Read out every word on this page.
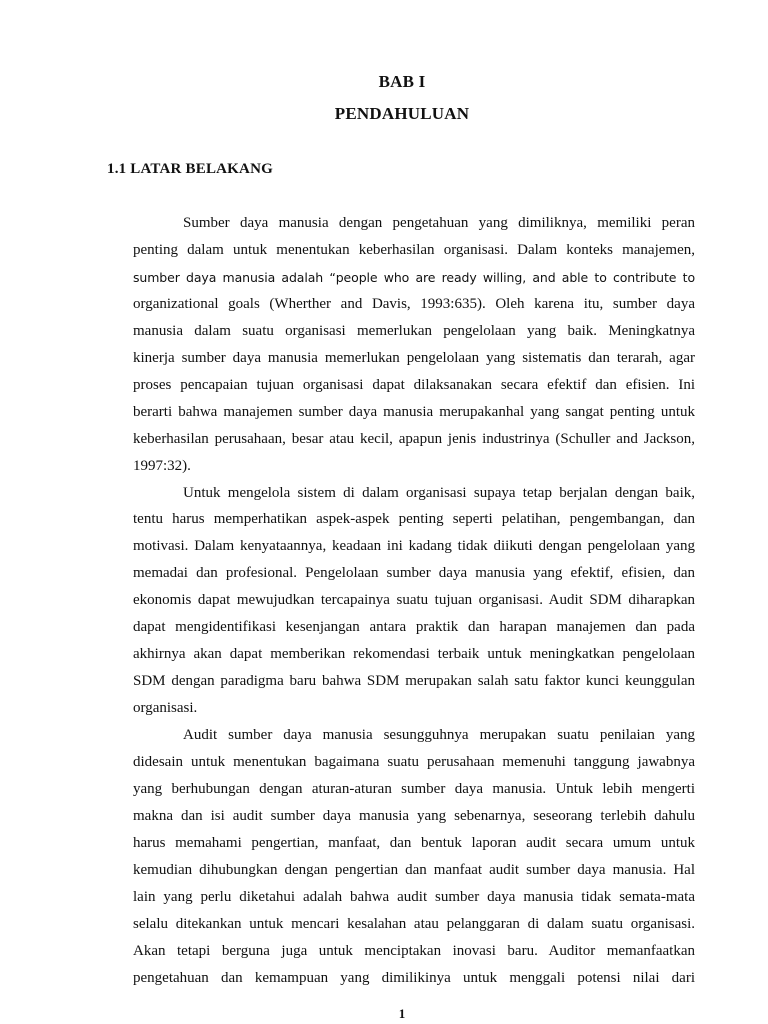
BAB I
PENDAHULUAN
1.1 LATAR BELAKANG
Sumber daya manusia dengan pengetahuan yang dimiliknya, memiliki peran
penting dalam untuk menentukan keberhasilan organisasi. Dalam konteks manajemen,
sumber daya manusia adalah “people who are ready willing, and able to contribute to
organizational goals (Wherther and Davis, 1993:635). Oleh karena itu, sumber daya
manusia dalam suatu organisasi memerlukan pengelolaan yang baik. Meningkatnya
kinerja sumber daya manusia memerlukan pengelolaan yang sistematis dan terarah, agar
proses pencapaian tujuan organisasi dapat dilaksanakan secara efektif dan efisien. Ini
berarti bahwa manajemen sumber daya manusia merupakanhal yang sangat penting untuk
keberhasilan perusahaan, besar atau kecil, apapun jenis industrinya (Schuller and Jackson,
1997:32).
Untuk mengelola sistem di dalam organisasi supaya tetap berjalan dengan baik,
tentu harus memperhatikan aspek-aspek penting seperti pelatihan, pengembangan, dan
motivasi. Dalam kenyataannya, keadaan ini kadang tidak diikuti dengan pengelolaan yang
memadai dan profesional. Pengelolaan sumber daya manusia yang efektif, efisien, dan
ekonomis dapat mewujudkan tercapainya suatu tujuan organisasi. Audit SDM diharapkan
dapat mengidentifikasi kesenjangan antara praktik dan harapan manajemen dan pada
akhirnya akan dapat memberikan rekomendasi terbaik untuk meningkatkan pengelolaan
SDM dengan paradigma baru bahwa SDM merupakan salah satu faktor kunci keunggulan
organisasi.
Audit sumber daya manusia sesungguhnya merupakan suatu penilaian yang
didesain untuk menentukan bagaimana suatu perusahaan memenuhi tanggung jawabnya
yang berhubungan dengan aturan-aturan sumber daya manusia. Untuk lebih mengerti
makna dan isi audit sumber daya manusia yang sebenarnya, seseorang terlebih dahulu
harus memahami pengertian, manfaat, dan bentuk laporan audit secara umum untuk
kemudian dihubungkan dengan pengertian dan manfaat audit sumber daya manusia. Hal
lain yang perlu diketahui adalah bahwa audit sumber daya manusia tidak semata-mata
selalu ditekankan untuk mencari kesalahan atau pelanggaran di dalam suatu organisasi.
Akan tetapi berguna juga untuk menciptakan inovasi baru. Auditor memanfaatkan
pengetahuan dan kemampuan yang dimilikinya untuk menggali potensi nilai dari
1
